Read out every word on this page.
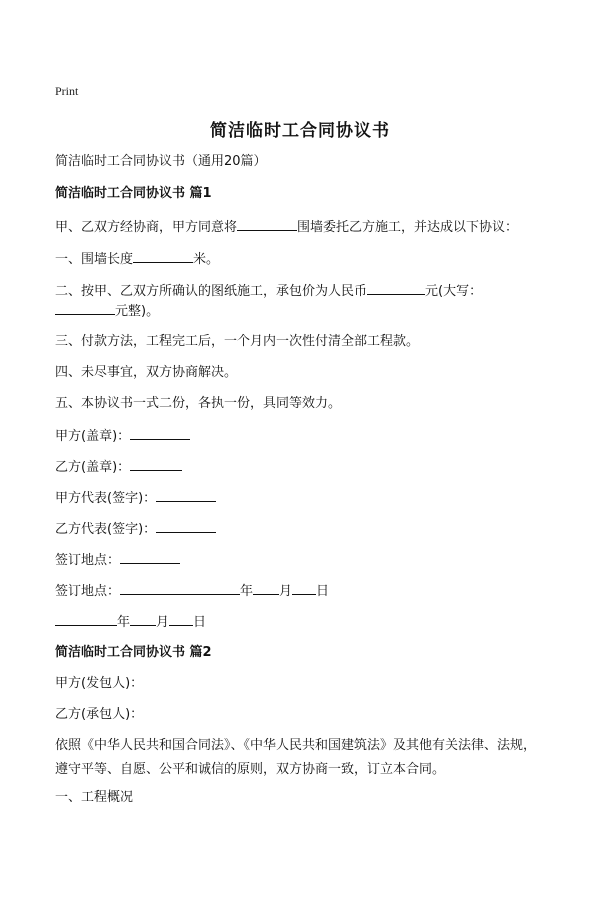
Print
简洁临时工合同协议书
简洁临时工合同协议书（通用20篇）
简洁临时工合同协议书 篇1
甲、乙双方经协商，甲方同意将	围墙委托乙方施工，并达成以下协议：
一、围墙长度	米。
二、按甲、乙双方所确认的图纸施工，承包价为人民币	元(大写：
元整)。
三、付款方法，工程完工后，一个月内一次性付清全部工程款。
四、未尽事宜，双方协商解决。
五、本协议书一式二份，各执一份，具同等效力。
甲方(盖章)：
乙方(盖章)：
甲方代表(签字)：
乙方代表(签字)：
签订地点：
签订地点：	年 月 日
年 月 日
简洁临时工合同协议书 篇2
甲方(发包人)：
乙方(承包人)：
依照《中华人民共和国合同法》、《中华人民共和国建筑法》及其他有关法律、法规，遵守平等、自愿、公平和诚信的原则，双方协商一致，订立本合同。
一、工程概况
